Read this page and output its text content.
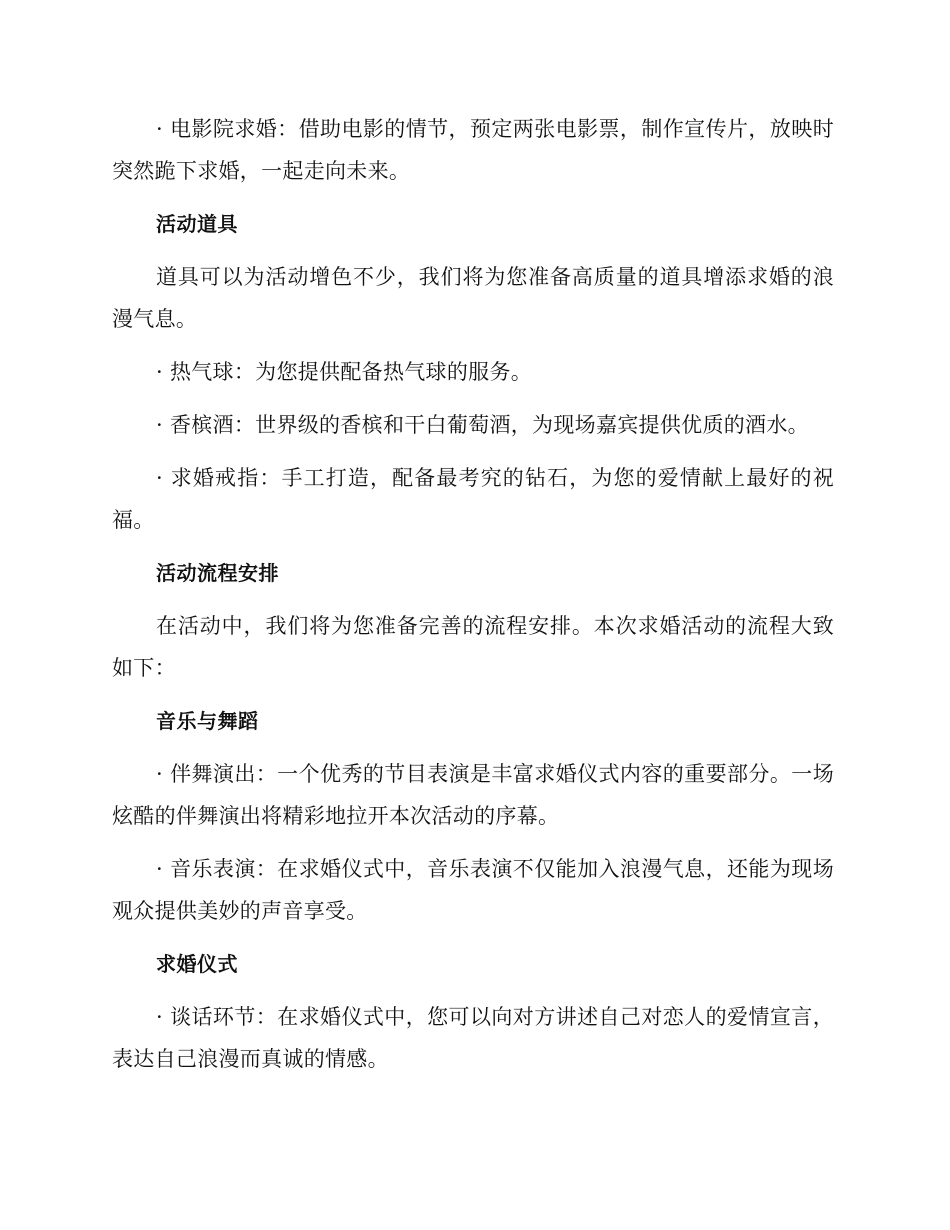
· 电影院求婚：借助电影的情节，预定两张电影票，制作宣传片，放映时突然跪下求婚，一起走向未来。

活动道具

道具可以为活动增色不少，我们将为您准备高质量的道具增添求婚的浪漫气息。

· 热气球：为您提供配备热气球的服务。

· 香槟酒：世界级的香槟和干白葡萄酒，为现场嘉宾提供优质的酒水。

· 求婚戒指：手工打造，配备最考究的钻石，为您的爱情献上最好的祝福。

活动流程安排

在活动中，我们将为您准备完善的流程安排。本次求婚活动的流程大致如下：

音乐与舞蹈

· 伴舞演出：一个优秀的节目表演是丰富求婚仪式内容的重要部分。一场炫酷的伴舞演出将精彩地拉开本次活动的序幕。

· 音乐表演：在求婚仪式中，音乐表演不仅能加入浪漫气息，还能为现场观众提供美妙的声音享受。

求婚仪式

· 谈话环节：在求婚仪式中，您可以向对方讲述自己对恋人的爱情宣言，表达自己浪漫而真诚的情感。
